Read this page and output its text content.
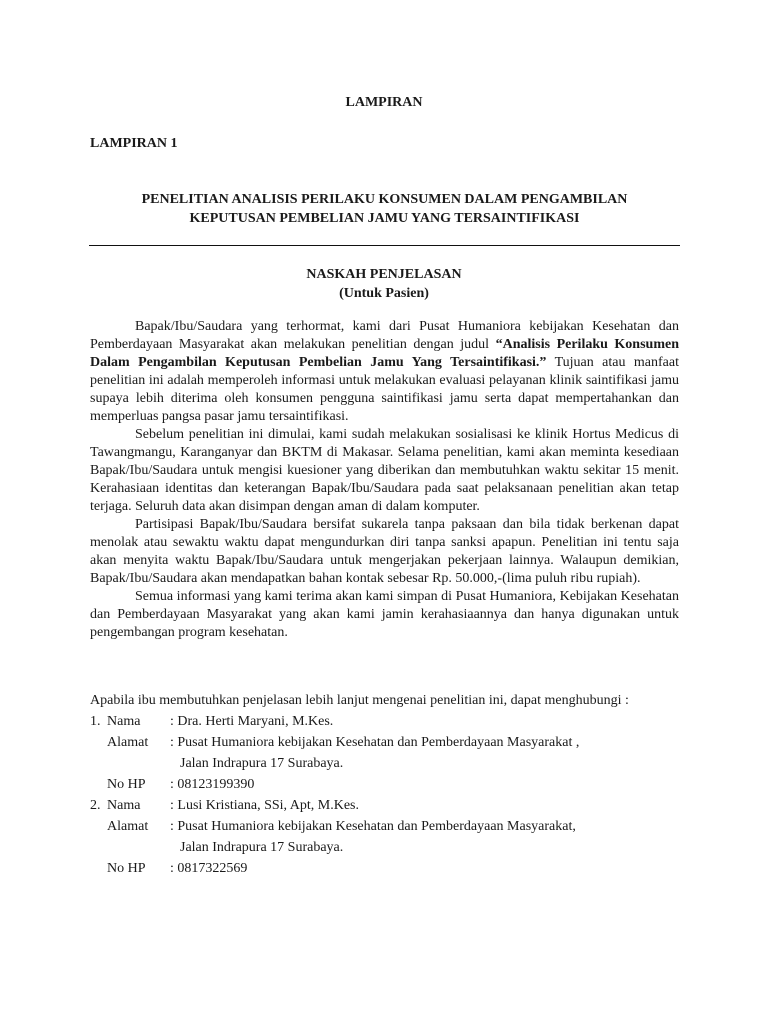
LAMPIRAN
LAMPIRAN 1
PENELITIAN ANALISIS PERILAKU KONSUMEN DALAM PENGAMBILAN
KEPUTUSAN PEMBELIAN JAMU YANG TERSAINTIFIKASI
NASKAH PENJELASAN
(Untuk Pasien)

Bapak/Ibu/Saudara yang terhormat, kami dari Pusat Humaniora kebijakan Kesehatan dan Pemberdayaan Masyarakat akan melakukan penelitian dengan judul “Analisis Perilaku Konsumen Dalam Pengambilan Keputusan Pembelian Jamu Yang Tersaintifikasi.” Tujuan atau manfaat penelitian ini adalah memperoleh informasi untuk melakukan evaluasi pelayanan klinik saintifikasi jamu supaya lebih diterima oleh konsumen pengguna saintifikasi jamu serta dapat mempertahankan dan memperluas pangsa pasar jamu tersaintifikasi.

Sebelum penelitian ini dimulai, kami sudah melakukan sosialisasi ke klinik Hortus Medicus di Tawangmangu, Karanganyar dan BKTM di Makasar. Selama penelitian, kami akan meminta kesediaan Bapak/Ibu/Saudara untuk mengisi kuesioner yang diberikan dan membutuhkan waktu sekitar 15 menit. Kerahasiaan identitas dan keterangan Bapak/Ibu/Saudara pada saat pelaksanaan penelitian akan tetap terjaga. Seluruh data akan disimpan dengan aman di dalam komputer.

Partisipasi Bapak/Ibu/Saudara bersifat sukarela tanpa paksaan dan bila tidak berkenan dapat menolak atau sewaktu waktu dapat mengundurkan diri tanpa sanksi apapun. Penelitian ini tentu saja akan menyita waktu Bapak/Ibu/Saudara untuk mengerjakan pekerjaan lainnya. Walaupun demikian, Bapak/Ibu/Saudara akan mendapatkan bahan kontak sebesar Rp. 50.000,-(lima puluh ribu rupiah).

Semua informasi yang kami terima akan kami simpan di Pusat Humaniora, Kebijakan Kesehatan dan Pemberdayaan Masyarakat yang akan kami jamin kerahasiaannya dan hanya digunakan untuk pengembangan program kesehatan.

Apabila ibu membutuhkan penjelasan lebih lanjut mengenai penelitian ini, dapat menghubungi :
1. Nama : Dra. Herti Maryani, M.Kes.
Alamat : Pusat Humaniora kebijakan Kesehatan dan Pemberdayaan Masyarakat ,
Jalan Indrapura 17 Surabaya.
No HP : 08123199390
2. Nama : Lusi Kristiana, SSi, Apt, M.Kes.
Alamat : Pusat Humaniora kebijakan Kesehatan dan Pemberdayaan Masyarakat,
Jalan Indrapura 17 Surabaya.
No HP : 0817322569
